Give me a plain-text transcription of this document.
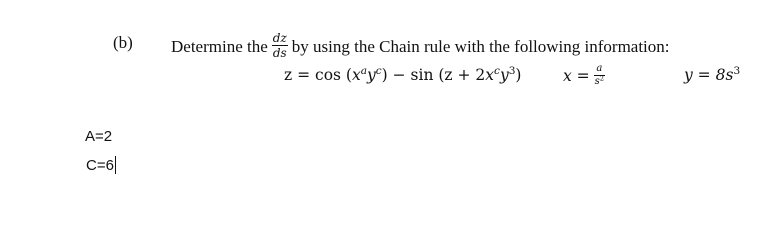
(b) Determine the $\frac{dz}{ds}$ by using the Chain rule with the following information:
$z = \cos (x^ay^c) - \sin (z + 2x^cy^3)$	$x = \frac{a}{s^2}$	$y = 8s^3$
A=2
C=6
